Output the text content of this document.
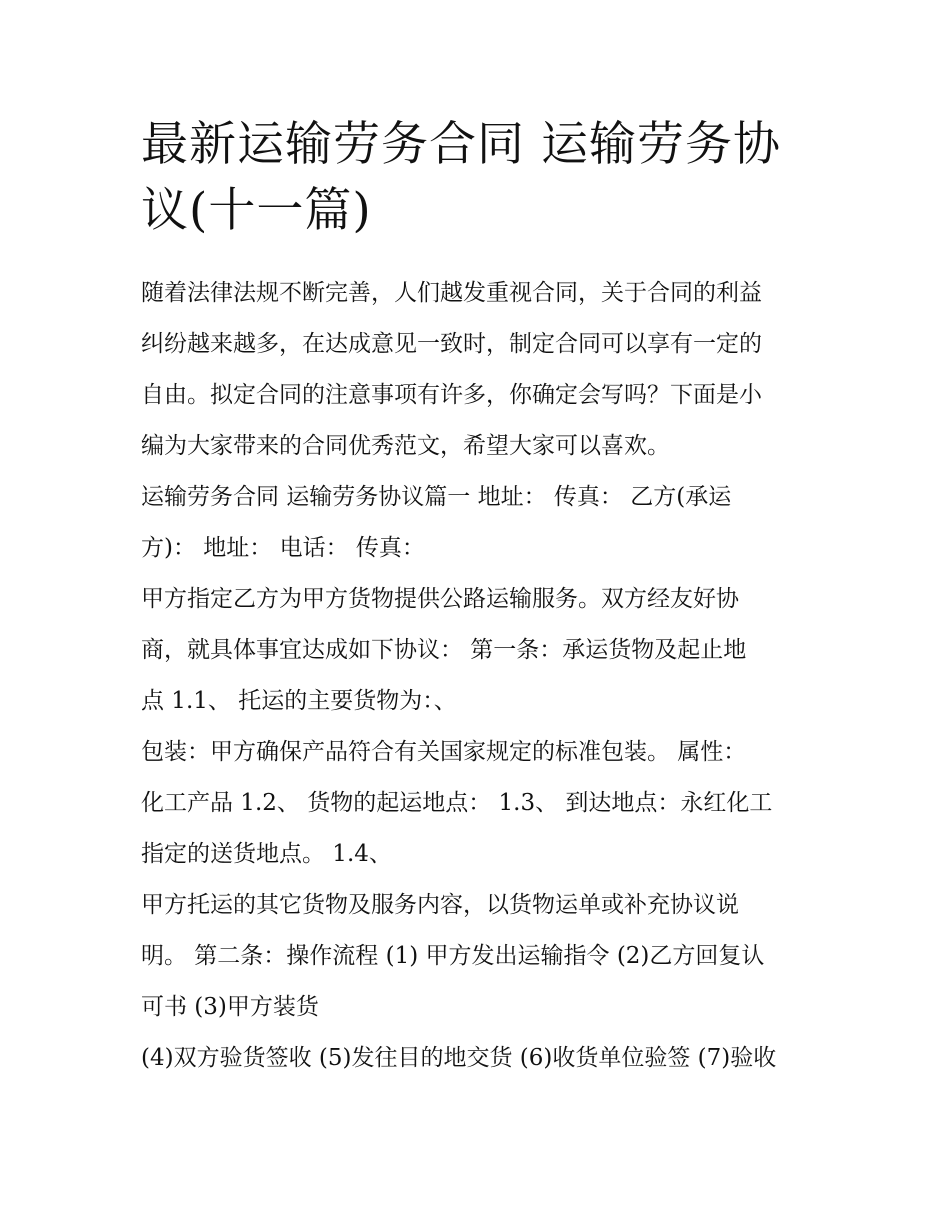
最新运输劳务合同 运输劳务协
议(十一篇)

随着法律法规不断完善，人们越发重视合同，关于合同的利益
纠纷越来越多，在达成意见一致时，制定合同可以享有一定的
自由。拟定合同的注意事项有许多，你确定会写吗？下面是小
编为大家带来的合同优秀范文，希望大家可以喜欢。

运输劳务合同 运输劳务协议篇一 地址： 传真： 乙方(承运
方)： 地址： 电话： 传真：

甲方指定乙方为甲方货物提供公路运输服务。双方经友好协
商，就具体事宜达成如下协议： 第一条：承运货物及起止地
点 1.1、 托运的主要货物为：、

包装：甲方确保产品符合有关国家规定的标准包装。 属性：
化工产品 1.2、 货物的起运地点： 1.3、 到达地点：永红化工
指定的送货地点。 1.4、

甲方托运的其它货物及服务内容，以货物运单或补充协议说
明。 第二条：操作流程 (1) 甲方发出运输指令 (2)乙方回复认
可书 (3)甲方装货

(4)双方验货签收 (5)发往目的地交货 (6)收货单位验签 (7)验收
